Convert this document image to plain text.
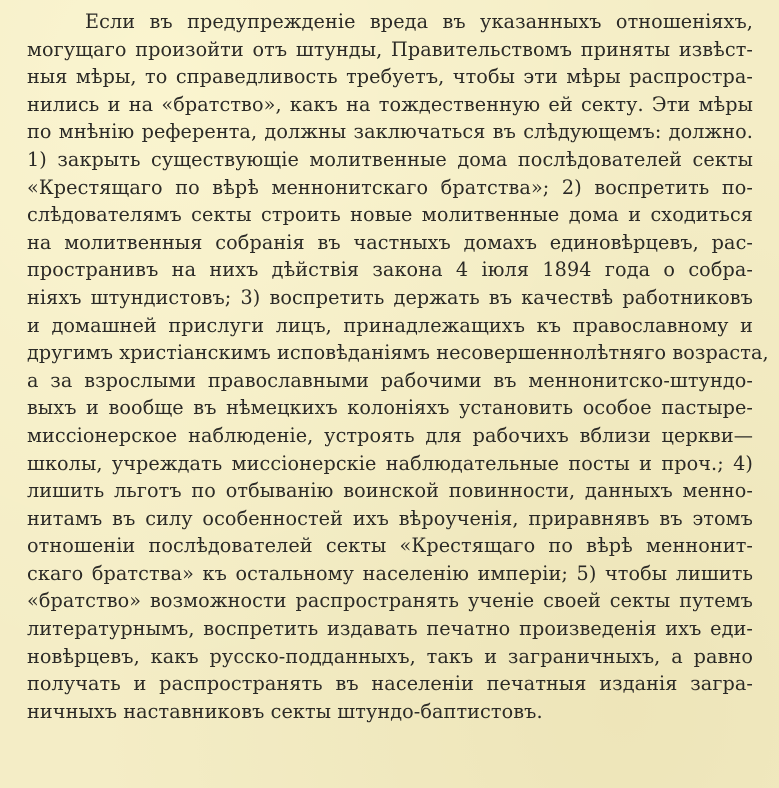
Если въ предупрежденіе вреда въ указанныхъ отношеніяхъ,
могущаго произойти отъ штунды, Правительствомъ приняты извѣст-
ныя мѣры, то справедливость требуетъ, чтобы эти мѣры распростра-
нились и на «братство», какъ на тождественную ей секту. Эти мѣры
по мнѣнію референта, должны заключаться въ слѣдующемъ: должно.
1) закрыть существующіе молитвенные дома послѣдователей секты
«Крестящаго по вѣрѣ меннонитскаго братства»; 2) воспретить по-
слѣдователямъ секты строить новые молитвенные дома и сходиться
на молитвенныя собранія въ частныхъ домахъ единовѣрцевъ, рас-
пространивъ на нихъ дѣйствія закона 4 іюля 1894 года о собра-
ніяхъ штундистовъ; 3) воспретить держать въ качествѣ работниковъ
и домашней прислуги лицъ, принадлежащихъ къ православному и
другимъ христіанскимъ исповѣданіямъ несовершеннолѣтняго возраста,
а за взрослыми православными рабочими въ меннонитско-штундо-
выхъ и вообще въ нѣмецкихъ колоніяхъ установить особое пастыре-
миссіонерское наблюденіе, устроять для рабочихъ вблизи церкви—
школы, учреждать миссіонерскіе наблюдательные посты и проч.; 4)
лишить льготъ по отбыванію воинской повинности, данныхъ менно-
нитамъ въ силу особенностей ихъ вѣроученія, приравнявъ въ этомъ
отношеніи послѣдователей секты «Крестящаго по вѣрѣ меннонит-
скаго братства» къ остальному населенію имперіи; 5) чтобы лишить
«братство» возможности распространять ученіе своей секты путемъ
литературнымъ, воспретить издавать печатно произведенія ихъ еди-
новѣрцевъ, какъ русско-подданныхъ, такъ и заграничныхъ, а равно
получать и распространять въ населеніи печатныя изданія загра-
ничныхъ наставниковъ секты штундо-баптистовъ.
